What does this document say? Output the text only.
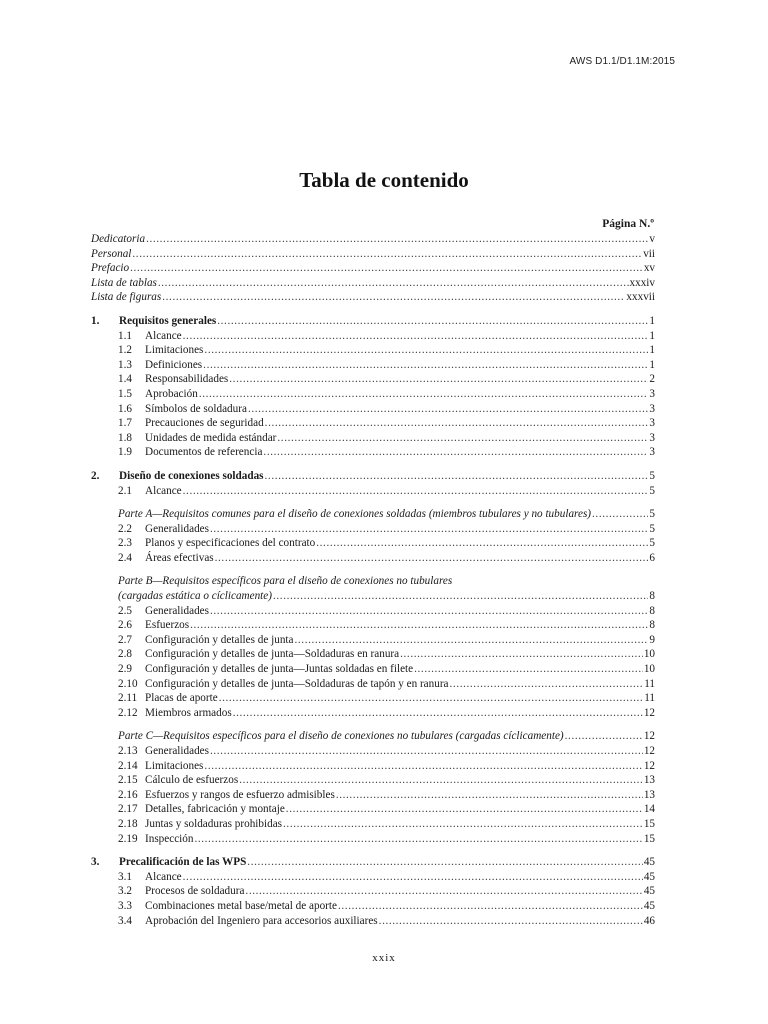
AWS D1.1/D1.1M:2015
Tabla de contenido
Página N.º
Dedicatoria .....	v
Personal .....	vii
Prefacio .....	xv
Lista de tablas .....	xxxiv
Lista de figuras .....	xxxvii
1.	Requisitos generales .....	1
1.1	Alcance .....	1
1.2	Limitaciones .....	1
1.3	Definiciones .....	1
1.4	Responsabilidades .....	2
1.5	Aprobación .....	3
1.6	Símbolos de soldadura .....	3
1.7	Precauciones de seguridad .....	3
1.8	Unidades de medida estándar .....	3
1.9	Documentos de referencia .....	3
2.	Diseño de conexiones soldadas .....	5
2.1	Alcance .....	5
Parte A—Requisitos comunes para el diseño de conexiones soldadas (miembros tubulares y no tubulares) .....	5
2.2	Generalidades .....	5
2.3	Planos y especificaciones del contrato .....	5
2.4	Áreas efectivas .....	6
Parte B—Requisitos específicos para el diseño de conexiones no tubulares
(cargadas estática o cíclicamente) .....	8
2.5	Generalidades .....	8
2.6	Esfuerzos .....	8
2.7	Configuración y detalles de junta .....	9
2.8	Configuración y detalles de junta—Soldaduras en ranura .....	10
2.9	Configuración y detalles de junta—Juntas soldadas en filete .....	10
2.10 Configuración y detalles de junta—Soldaduras de tapón y en ranura .....	11
2.11 Placas de aporte .....	11
2.12 Miembros armados .....	12
Parte C—Requisitos específicos para el diseño de conexiones no tubulares (cargadas cíclicamente) .....	12
2.13 Generalidades .....	12
2.14 Limitaciones .....	12
2.15 Cálculo de esfuerzos .....	13
2.16 Esfuerzos y rangos de esfuerzo admisibles .....	13
2.17 Detalles, fabricación y montaje .....	14
2.18 Juntas y soldaduras prohibidas .....	15
2.19 Inspección .....	15
3.	Precalificación de las WPS .....	45
3.1	Alcance .....	45
3.2	Procesos de soldadura .....	45
3.3	Combinaciones metal base/metal de aporte .....	45
3.4	Aprobación del Ingeniero para accesorios auxiliares .....	46
xxix
